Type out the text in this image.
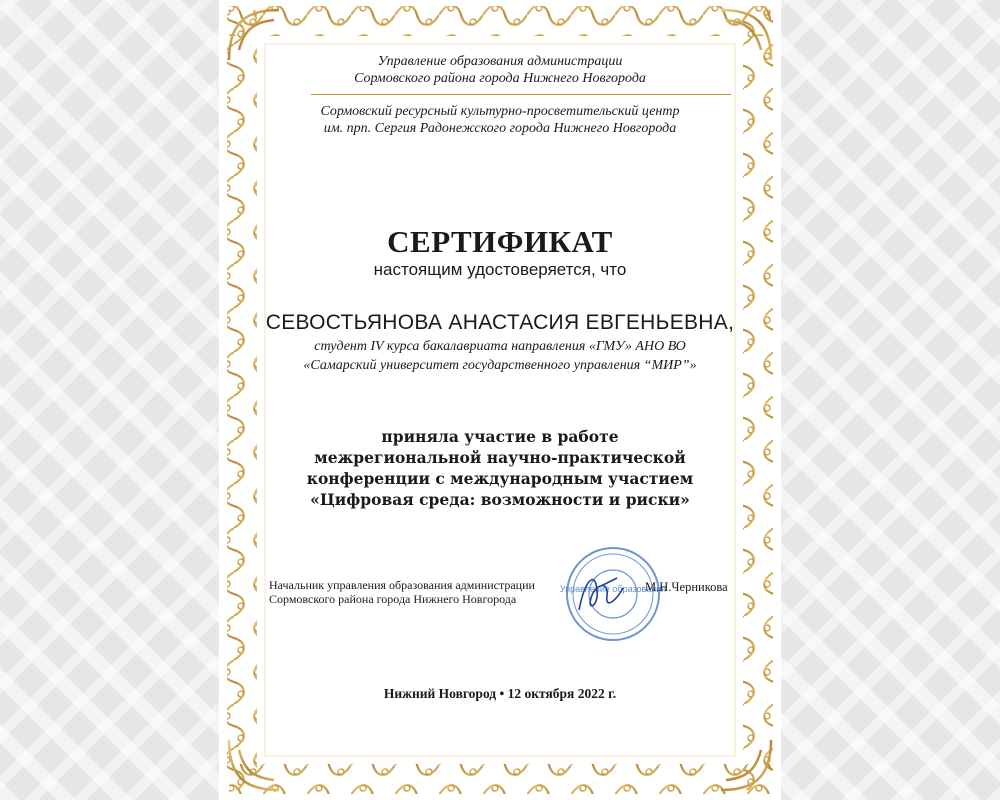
Управление образования администрации
Сормовского района города Нижнего Новгорода
Сормовский ресурсный культурно-просветительский центр
им. прп. Сергия Радонежского города Нижнего Новгорода
СЕРТИФИКАТ
настоящим удостоверяется, что
СЕВОСТЬЯНОВА АНАСТАСИЯ ЕВГЕНЬЕВНА,
студент IV курса бакалавриата направления «ГМУ» АНО ВО
«Самарский университет государственного управления “МИР”»
приняла участие в работе
межрегиональной научно-практической
конференции с международным участием
«Цифровая среда: возможности и риски»
Начальник управления образования администрации
Сормовского района города Нижнего Новгорода
Управление образования
М.Н.Черникова
Нижний Новгород • 12 октября 2022 г.
